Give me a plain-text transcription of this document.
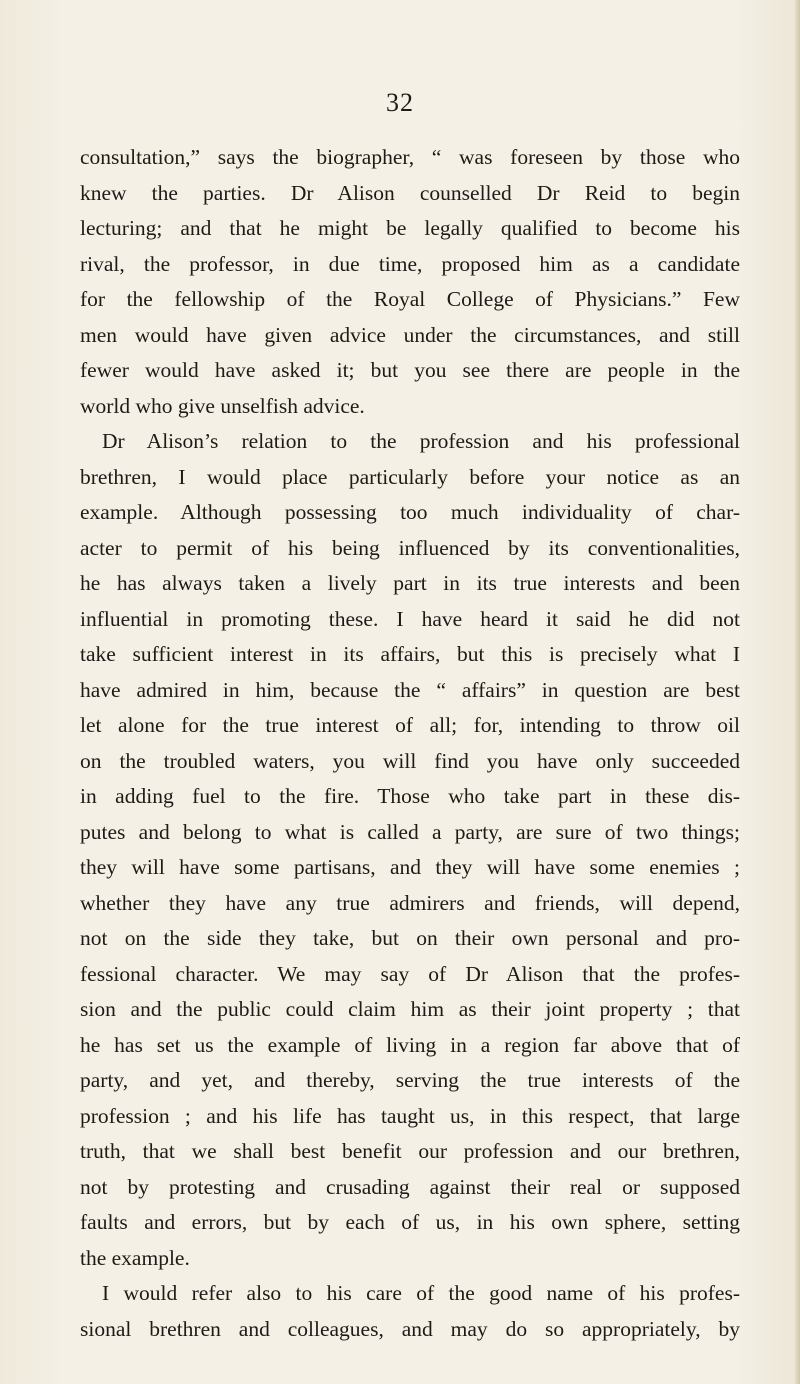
32
consultation,” says the biographer, “ was foreseen by those who
knew the parties. Dr Alison counselled Dr Reid to begin
lecturing; and that he might be legally qualified to become his
rival, the professor, in due time, proposed him as a candidate
for the fellowship of the Royal College of Physicians.” Few
men would have given advice under the circumstances, and still
fewer would have asked it; but you see there are people in the
world who give unselfish advice.
Dr Alison’s relation to the profession and his professional
brethren, I would place particularly before your notice as an
example. Although possessing too much individuality of char-
acter to permit of his being influenced by its conventionalities,
he has always taken a lively part in its true interests and been
influential in promoting these. I have heard it said he did not
take sufficient interest in its affairs, but this is precisely what I
have admired in him, because the “ affairs” in question are best
let alone for the true interest of all; for, intending to throw oil
on the troubled waters, you will find you have only succeeded
in adding fuel to the fire. Those who take part in these dis-
putes and belong to what is called a party, are sure of two things;
they will have some partisans, and they will have some enemies ;
whether they have any true admirers and friends, will depend,
not on the side they take, but on their own personal and pro-
fessional character. We may say of Dr Alison that the profes-
sion and the public could claim him as their joint property ; that
he has set us the example of living in a region far above that of
party, and yet, and thereby, serving the true interests of the
profession ; and his life has taught us, in this respect, that large
truth, that we shall best benefit our profession and our brethren,
not by protesting and crusading against their real or supposed
faults and errors, but by each of us, in his own sphere, setting
the example.
I would refer also to his care of the good name of his profes-
sional brethren and colleagues, and may do so appropriately, by
